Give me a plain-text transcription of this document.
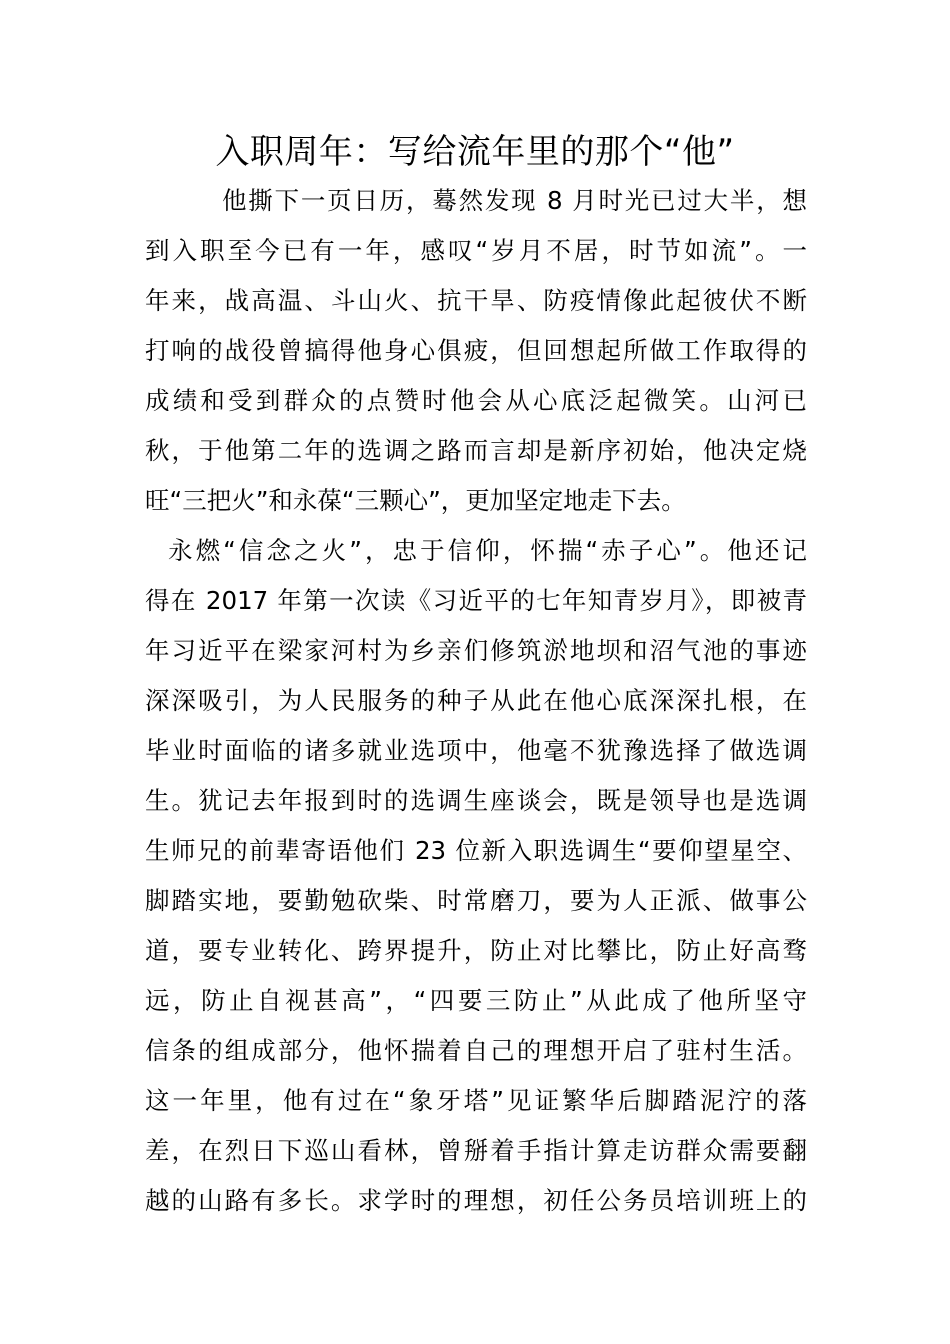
入职周年：写给流年里的那个“他”
他撕下一页日历，蓦然发现 8 月时光已过大半，想
到入职至今已有一年，感叹“岁月不居，时节如流”。一
年来，战高温、斗山火、抗干旱、防疫情像此起彼伏不断
打响的战役曾搞得他身心俱疲，但回想起所做工作取得的
成绩和受到群众的点赞时他会从心底泛起微笑。山河已
秋，于他第二年的选调之路而言却是新序初始，他决定烧
旺“三把火”和永葆“三颗心”，更加坚定地走下去。
永燃“信念之火”，忠于信仰，怀揣“赤子心”。他还记
得在 2017 年第一次读《习近平的七年知青岁月》，即被青
年习近平在梁家河村为乡亲们修筑淤地坝和沼气池的事迹
深深吸引，为人民服务的种子从此在他心底深深扎根，在
毕业时面临的诸多就业选项中，他毫不犹豫选择了做选调
生。犹记去年报到时的选调生座谈会，既是领导也是选调
生师兄的前辈寄语他们 23 位新入职选调生“要仰望星空、
脚踏实地，要勤勉砍柴、时常磨刀，要为人正派、做事公
道，要专业转化、跨界提升，防止对比攀比，防止好高骛
远，防止自视甚高”，“四要三防止”从此成了他所坚守
信条的组成部分，他怀揣着自己的理想开启了驻村生活。
这一年里，他有过在“象牙塔”见证繁华后脚踏泥泞的落
差，在烈日下巡山看林，曾掰着手指计算走访群众需要翻
越的山路有多长。求学时的理想，初任公务员培训班上的
